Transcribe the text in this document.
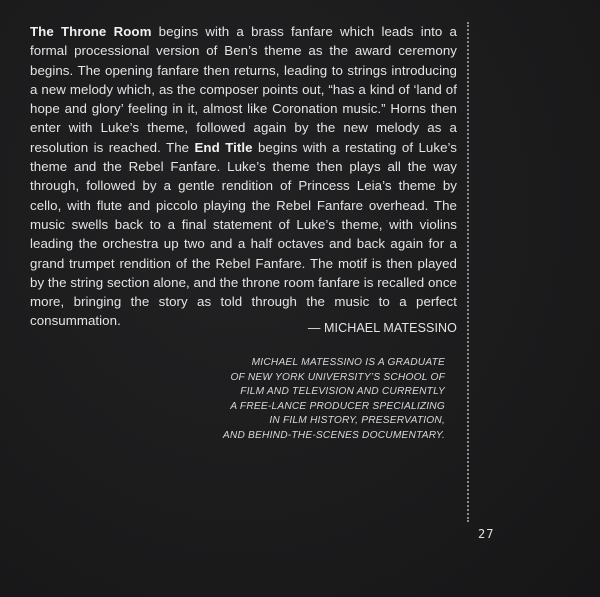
The Throne Room begins with a brass fanfare which leads into a formal processional version of Ben’s theme as the award ceremony begins. The opening fanfare then returns, leading to strings introducing a new melody which, as the composer points out, “has a kind of ‘land of hope and glory’ feeling in it, almost like Coronation music.” Horns then enter with Luke’s theme, followed again by the new melody as a resolution is reached. The End Title begins with a restating of Luke’s theme and the Rebel Fanfare. Luke’s theme then plays all the way through, followed by a gentle rendition of Princess Leia’s theme by cello, with flute and piccolo playing the Rebel Fanfare overhead. The music swells back to a final statement of Luke’s theme, with violins leading the orchestra up two and a half octaves and back again for a grand trumpet rendition of the Rebel Fanfare. The motif is then played by the string section alone, and the throne room fanfare is recalled once more, bringing the story as told through the music to a perfect consummation.	— MICHAEL MATESSINO
MICHAEL MATESSINO IS A GRADUATE
OF NEW YORK UNIVERSITY’S SCHOOL OF
FILM AND TELEVISION AND CURRENTLY
A FREE-LANCE PRODUCER SPECIALIZING
IN FILM HISTORY, PRESERVATION,
AND BEHIND-THE-SCENES DOCUMENTARY.
27
